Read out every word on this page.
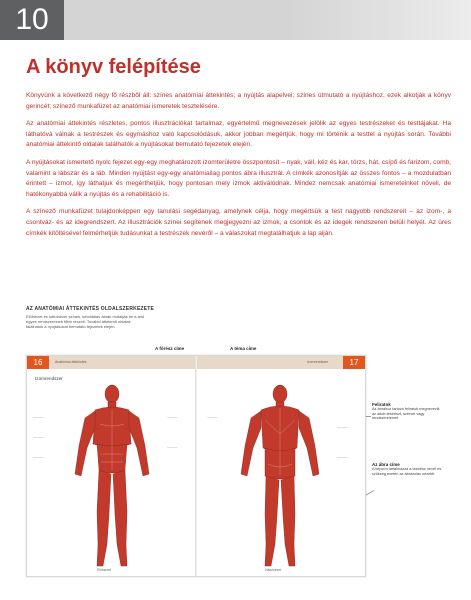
10
A könyv felépítése

Könyvünk a következő négy fő részből áll: színes anatómiai áttekintés; a nyújtás alapelvei; színes útmutató a nyújtáshoz, ezek alkotják a könyv gerincét; színező munkafüzet az anatómiai ismeretek tesztelésére.

Az anatómiai áttekintés részletes, pontos illusztrációkat tartalmaz, egyértelmű megnevezések jelölik az egyes testrészeket és testtájakat. Ha láthatóvá válnak a testrészek és egymáshoz való kapcsolódásuk, akkor jobban megértjük, hogy mi történik a testtel a nyújtás során. További anatómiai áttekintő oldalak találhatók a nyújtásokat bemutató fejezetek elején.

A nyújtásokat ismertető nyolc fejezet egy-egy meghatározott izomterületre összpontosít – nyak, váll, kéz és kar, törzs, hát, csípő és farizom, comb, valamint a lábszár és a láb. Minden nyújtást egy-egy anatómiailag pontos ábra illusztrál. A címkék azonosítják az összes fontos – a mozdulatban érintett – izmot, így láthatjuk és megérthetjük, hogy pontosan mely izmok aktiválódnak. Mindez nemcsak anatómiai ismereteinket növeli, de hatékonyabbá válik a nyújtás és a rehabilitáció is.

A színező munkafüzet tulajdonképpen egy tanulási segédanyag, amelynek célja, hogy megértsük a test nagyobb rendszereit – az izom-, a csontváz- és az idegrendszert. Az illusztrációk színei segítenek megjegyezni az izmok, a csontok és az idegek rendszeren belüli helyét. Az üres címkék kitöltésével felmérhetjük tudásunkat a testrészek nevéről – a válaszokat megtalálhatjuk a lap alján.

AZ ANATÓMIAI ÁTTEKINTÉS OLDALSZERKEZETE
Elölnézet és hátulnézet színes, kétoldalas ábrák mutatják be a test egyes rendszereinek főbb részeit. További áttekintő oldalak találhatók a nyújtásokat bemutató fejezetek elején.
A főrész címe	A téma címe
Feliratok
Az ábrához tartozó feliratok megnevezik az adott testrészt, szervet vagy rendszerelemet
Az ábra címe
A képcím tartalmazza a testrész nevét és szükség esetén az ábrázolás nézetét
16	17
Anatómiai áttekintés	Izomrendszer
Izomrendszer
————
————
————
————
————
————
————
————
Elölnézet	Hátulnézet
